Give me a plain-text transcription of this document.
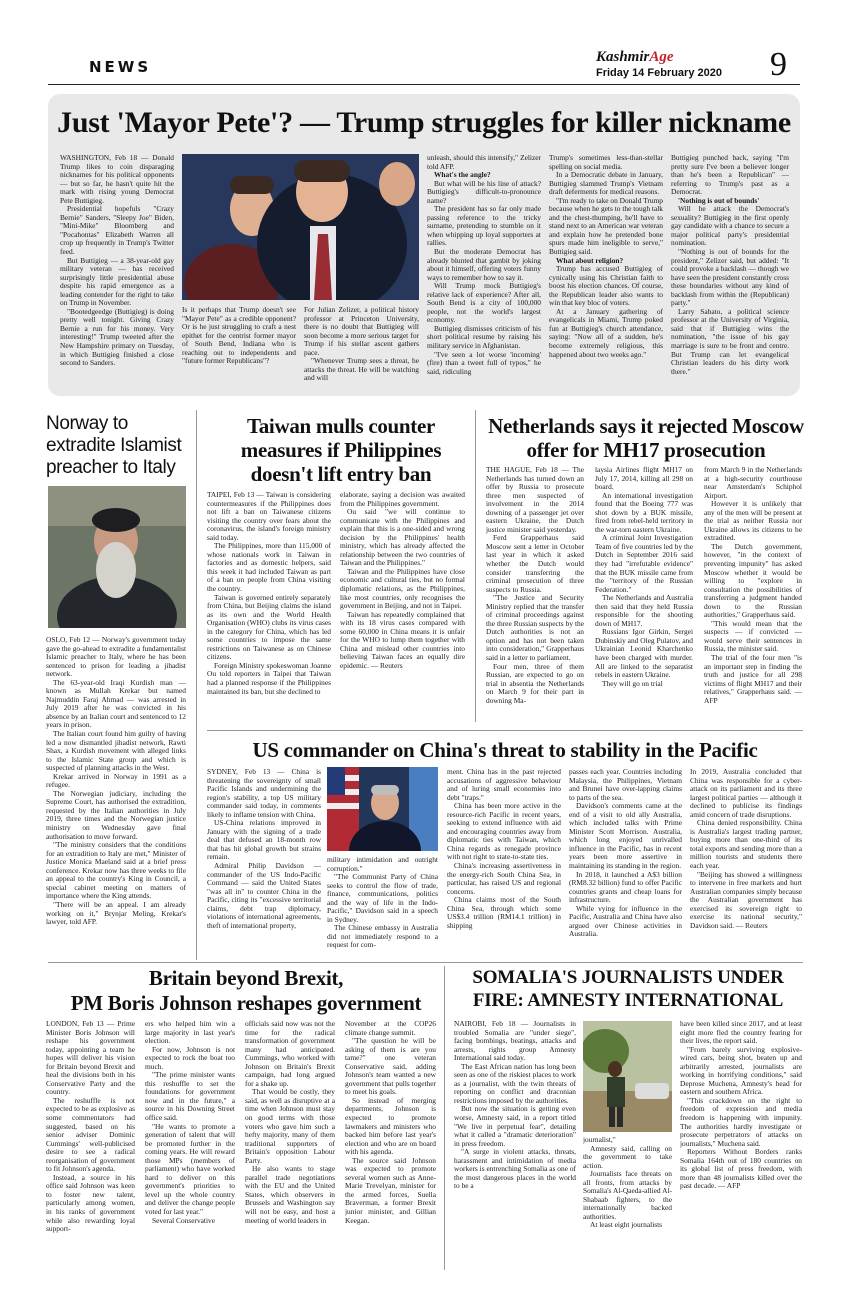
NEWS
KashmirAge
Friday 14 February 2020 9
Just 'Mayor Pete'? — Trump struggles for killer nickname

WASHINGTON, Feb 18 — Donald Trump likes to coin disparaging nicknames for his political opponents — but so far, he hasn't quite hit the mark with rising young Democrat Pete Buttigieg.

Presidential hopefuls "Crazy Bernie" Sanders, "Sleepy Joe" Biden, "Mini-Mike" Bloomberg and "Pocahontas" Elizabeth Warren all crop up frequently in Trump's Twitter feed.

But Buttigieg — a 38-year-old gay military veteran — has received surprisingly little presidential abuse despite his rapid emergence as a leading contender for the right to take on Trump in November.

"Bootedgeedge (Buttigieg) is doing pretty well tonight. Giving Crazy Bernie a run for his money. Very interesting!" Trump tweeted after the New Hampshire primary on Tuesday, in which Buttigieg finished a close second to Sanders.

Is it perhaps that Trump doesn't see "Mayor Pete" as a credible opponent? Or is he just struggling to craft a nest epithet for the centrist former mayor of South Bend, Indiana who is reaching out to independents and "future former Republicans"?

For Julian Zelizer, a political history professor at Princeton University, there is no doubt that Buttigieg will soon become a more serious target for Trump if his stellar ascent gathers pace.

"Whenever Trump sees a threat, he attacks the threat. He will be watching and will

unleash, should this intensify," Zelizer told AFP.

What's the angle?

But what will be his line of attack? Buttigieg's difficult-to-pronounce name?

The president has so far only made passing reference to the tricky surname, pretending to stumble on it when whipping up loyal supporters at rallies.

But the moderate Democrat has already blunted that gambit by joking about it himself, offering voters funny ways to remember how to say it.

Will Trump mock Buttigieg's relative lack of experience? After all, South Bend is a city of 100,000 people, not the world's largest economy.

Buttigieg dismisses criticism of his short political resume by raising his military service in Afghanistan.

"I've seen a lot worse 'incoming' (fire) than a tweet full of typos," he said, ridiculing

Trump's sometimes less-than-stellar spelling on social media.

In a Democratic debate in January, Buttigieg slammed Trump's Vietnam draft deferments for medical reasons.

"I'm ready to take on Donald Trump because when he gets to the tough talk and the chest-thumping, he'll have to stand next to an American war veteran and explain how he pretended bone spurs made him ineligible to serve," Buttigieg said.

What about religion?

Trump has accused Buttigieg of cynically using his Christian faith to boost his election chances. Of course, the Republican leader also wants to win that key bloc of voters.

At a January gathering of evangelicals in Miami, Trump poked fun at Buttigieg's church attendance, saying: "Now all of a sudden, he's become extremely religious, this happened about two weeks ago."

Buttigieg punched back, saying "I'm pretty sure I've been a believer longer than he's been a Republican" — referring to Trump's past as a Democrat.

'Nothing is out of bounds'

Will he attack the Democrat's sexuality? Buttigieg in the first openly gay candidate with a chance to secure a major political party's presidential nomination.

"Nothing is out of bounds for the president," Zelizer said, but added: "It could provoke a backlash — though we have seen the president constantly cross these boundaries without any kind of backlash from within the (Republican) party."

Larry Sabato, a political science professor at the University of Virginia, said that if Buttigieg wins the nomination, "the issue of his gay marriage is sure to be front and centre. But Trump can let evangelical Christian leaders do his dirty work there."

Norway to extradite Islamist preacher to Italy

OSLO, Feb 12 — Norway's government today gave the go-ahead to extradite a fundamentalist Islamic preacher to Italy, where he has been sentenced to prison for leading a jihadist network.

The 63-year-old Iraqi Kurdish man — known as Mullah Krekar but named Najmuddin Faraj Ahmad — was arrested in July 2019 after he was convicted in his absence by an Italian court and sentenced to 12 years in prison.

The Italian court found him guilty of having led a now dismantled jihadist network, Rawti Shax, a Kurdish movement with alleged links to the Islamic State group and which is suspected of planning attacks in the West.

Krekar arrived in Norway in 1991 as a refugee.

The Norwegian judiciary, including the Supreme Court, has authorised the extradition, requested by the Italian authorities in July 2019, three times and the Norwegian justice ministry on Wednesday gave final authorisation to move forward.

"The ministry considers that the conditions for an extradition to Italy are met," Minister of Justice Monica Maeland said at a brief press conference. Krekar now has three weeks to file an appeal to the country's King in Council, a special cabinet meeting on matters of importance where the King attends.

"There will be an appeal. I am already working on it," Brynjar Meling, Krekar's lawyer, told AFP.

Taiwan mulls counter measures if Philippines doesn't lift entry ban

TAIPEI, Feb 13 — Taiwan is considering countermeasures if the Philippines does not lift a ban on Taiwanese citizens visiting the country over fears about the coronavirus, the island's foreign ministry said today.

The Philippines, more than 115,000 of whose nationals work in Taiwan in factories and as domestic helpers, said this week it had included Taiwan as part of a ban on people from China visiting the country.

Taiwan is governed entirely separately from China, but Beijing claims the island as its own and the World Health Organisation (WHO) clubs its virus cases in the category for China, which has led some countries to impose the same restrictions on Taiwanese as on Chinese citizens.

Foreign Ministry spokeswoman Joanne Ou told reporters in Taipei that Taiwan had a planned response if the Philippines maintained its ban, but she declined to

elaborate, saying a decision was awaited from the Philippines government.

Ou said "we will continue to communicate with the Philippines and explain that this is a one-sided and wrong decision by the Philippines' health ministry, which has already affected the relationship between the two countries of Taiwan and the Philippines."

Taiwan and the Philippines have close economic and cultural ties, but no formal diplomatic relations, as the Philippines, like most countries, only recognises the government in Beijing, and not in Taipei.

Taiwan has repeatedly complained that with its 18 virus cases compared with some 60,000 in China means it is unfair for the WHO to lump them together with China and mislead other countries into believing Taiwan faces an equally dire epidemic. — Reuters

Netherlands says it rejected Moscow offer for MH17 prosecution

THE HAGUE, Feb 18 — The Netherlands has turned down an offer by Russia to prosecute three men suspected of involvement in the 2014 downing of a passenger jet over eastern Ukraine, the Dutch justice minister said yesterday.

Ferd Grapperhaus said Moscow sent a letter in October last year in which it asked whether the Dutch would consider transferring the criminal prosecution of three suspects to Russia.

"The Justice and Security Ministry replied that the transfer of criminal proceedings against the three Russian suspects by the Dutch authorities is not an option and has not been taken into consideration," Grapperhaus said in a letter to parliament.

Four men, three of them Russian, are expected to go on trial in absentia the Netherlands on March 9 for their part in downing Ma-

laysia Airlines flight MH17 on July 17, 2014, killing all 298 on board.

An international investigation found that the Boeing 777 was shot down by a BUK missile, fired from rebel-held territory in the war-torn eastern Ukraine.

A criminal Joint Investigation Team of five countries led by the Dutch in September 2016 said they had "irrefutable evidence" that the BUK missile came from the "territory of the Russian Federation."

The Netherlands and Australia then said that they held Russia responsible for the shooting down of MH17.

Russians Igor Girkin, Sergei Dubinskiy and Oleg Pulatov, and Ukrainian Leonid Kharchenko have been charged with murder. All are linked to the separatist rebels in eastern Ukraine.

They will go on trial

from March 9 in the Netherlands at a high-security courthouse near Amsterdam's Schiphol Airport.

However it is unlikely that any of the men will be present at the trial as neither Russia nor Ukraine allows its citizens to be extradited.

The Dutch government, however, "in the context of preventing impunity" has asked Moscow whether it would be willing to "explore in consultation the possibilities of transferring a judgment handed down to the Russian authorities," Grapperhaus said.

"This would mean that the suspects — if convicted — would serve their sentences in Russia, the minister said.

The trial of the four men "is an important step in finding the truth and justice for all 298 victims of flight MH17 and their relatives," Grapperhaus said. —AFP

US commander on China's threat to stability in the Pacific

SYDNEY, Feb 13 — China is threatening the sovereignty of small Pacific Islands and undermining the region's stability, a top US military commander said today, in comments likely to inflame tension with China.

US-China relations improved in January with the signing of a trade deal that defused an 18-month row that has hit global growth but strains remain.

Admiral Philip Davidson — commander of the US Indo-Pacific Command — said the United States "was all in" to counter China in the Pacific, citing its "excessive territorial claims, debt trap diplomacy, violations of international agreements, theft of international property,

military intimidation and outright corruption."

"The Communist Party of China seeks to control the flow of trade, finance, communications, politics and the way of life in the Indo-Pacific," Davidson said in a speech in Sydney.

The Chinese embassy in Australia did not immediately respond to a request for com-

ment. China has in the past rejected accusations of aggressive behaviour and of luring small economies into debt "traps."

China has been more active in the resource-rich Pacific in recent years, seeking to extend influence with aid and encouraging countries away from diplomatic ties with Taiwan, which China regards as renegade province with not right to state-to-state ties.

China's increasing assertiveness in the energy-rich South China Sea, in particular, has raised US and regional concerns.

China claims most of the South China Sea, through which some US$3.4 trillion (RM14.1 trillion) in shipping

passes each year. Countries including Malaysia, the Philippines, Vietnam and Brunei have over-lapping claims to parts of the sea.

Davidson's comments came at the end of a visit to old ally Australia, which included talks with Prime Minister Scott Morrison. Australia, which long enjoyed unrivalled influence in the Pacific, has in recent years been more assertive in maintaining its standing in the region.

In 2018, it launched a A$3 billion (RM8.32 billion) fund to offer Pacific countries grants and cheap loans for infrastructure.

While vying for influence in the Pacific, Australia and China have also argued over Chinese activities in Australia.

In 2019, Australia concluded that China was responsible for a cyber-attack on its parliament and its three largest political parties — although it declined to publicise its findings amid concern of trade disruptions.

China denied responsibility. China is Australia's largest trading partner, buying more than one-third of its total exports and sending more than a million tourists and students there each year.

"Beijing has showed a willingness to intervene in free markets and hurt Australian companies simply because the Australian government has exercised its sovereign right to exercise its national security," Davidson said. — Reuters

Britain beyond Brexit,
PM Boris Johnson reshapes government

LONDON, Feb 13 — Prime Minister Boris Johnson will reshape his government today, appointing a team he hopes will deliver his vision for Britain beyond Brexit and heal the divisions both in his Conservative Party and the country.

The reshuffle is not expected to be as explosive as some commentators had suggested, based on his senior adviser Dominic Cummings' well-publicised desire to see a radical reorganisation of government to fit Johnson's agenda.

Instead, a source in his office said Johnson was keen to foster new talent, particularly among women, in his ranks of government while also rewarding loyal support-

ers who helped him win a large majority in last year's election.

For now, Johnson is not expected to rock the boat too much.

"The prime minister wants this reshuffle to set the foundations for government now and in the future," a source in his Downing Street office said.

"He wants to promote a generation of talent that will be promoted further in the coming years. He will reward those MPs (members of parliament) who have worked hard to deliver on this government's priorities to level up the whole country and deliver the change people voted for last year."

Several Conservative

officials said now was not the time for the radical transformation of government many had anticipated. Cummings, who worked with Johnson on Britain's Brexit campaign, had long argued for a shake up.

That would be costly, they said, as well as disruptive at a time when Johnson must stay on good terms with those voters who gave him such a hefty majority, many of them traditional supporters of Britain's opposition Labour Party.

He also wants to stage parallel trade negotiations with the EU and the United States, which observers in Brussels and Washington say will not be easy, and host a meeting of world leaders in

November at the COP26 climate change summit.

"The question he will be asking of them is are you tame?" one veteran Conservative said, adding Johnson's team wanted a new government that pulls together to meet his goals.

So instead of merging departments, Johnson is expected to promote lawmakers and ministers who backed him before last year's election and who are on board with his agenda.

The source said Johnson was expected to promote several women such as Anne-Marie Trevelyan, minister for the armed forces, Suella Braverman, a former Brexit junior minister, and Gillian Keegan.

SOMALIA'S JOURNALISTS UNDER
FIRE: AMNESTY INTERNATIONAL

NAIROBI, Feb 18 — Journalists in troubled Somalia are "under siege", facing bombings, beatings, attacks and arrests, rights group Amnesty International said today.

The East African nation has long been seen as one of the riskiest places to work as a journalist, with the twin threats of reporting on conflict and draconian restrictions imposed by the authorities.

But now the situation is getting even worse, Amnesty said, in a report titled "We live in perpetual fear", detailing what it called a "dramatic deterioration" in press freedom.

"A surge in violent attacks, threats, harassment and intimidation of media workers is entrenching Somalia as one of the most dangerous places in the world to be a

journalist,"

Amnesty said, calling on the government to take action.

Journalists face threats on all fronts, from attacks by Somalia's Al-Qaeda-allied Al-Shabaab fighters, to the internationally backed authorities.

At least eight journalists

have been killed since 2017, and at least eight more fled the country fearing for their lives, the report said.

"From barely surviving explosive-wired cars, being shot, beaten up and arbitrarily arrested, journalists are working in horrifying conditions," said Deprose Muchena, Amnesty's head for eastern and southern Africa.

"This crackdown on the right to freedom of expression and media freedom is happening with impunity. The authorities hardly investigate or prosecute perpetrators of attacks on journalists," Muchena said.

Reporters Without Borders ranks Somalia 164th out of 180 countries on its global list of press freedom, with more than 48 journalists killed over the past decade. — AFP
